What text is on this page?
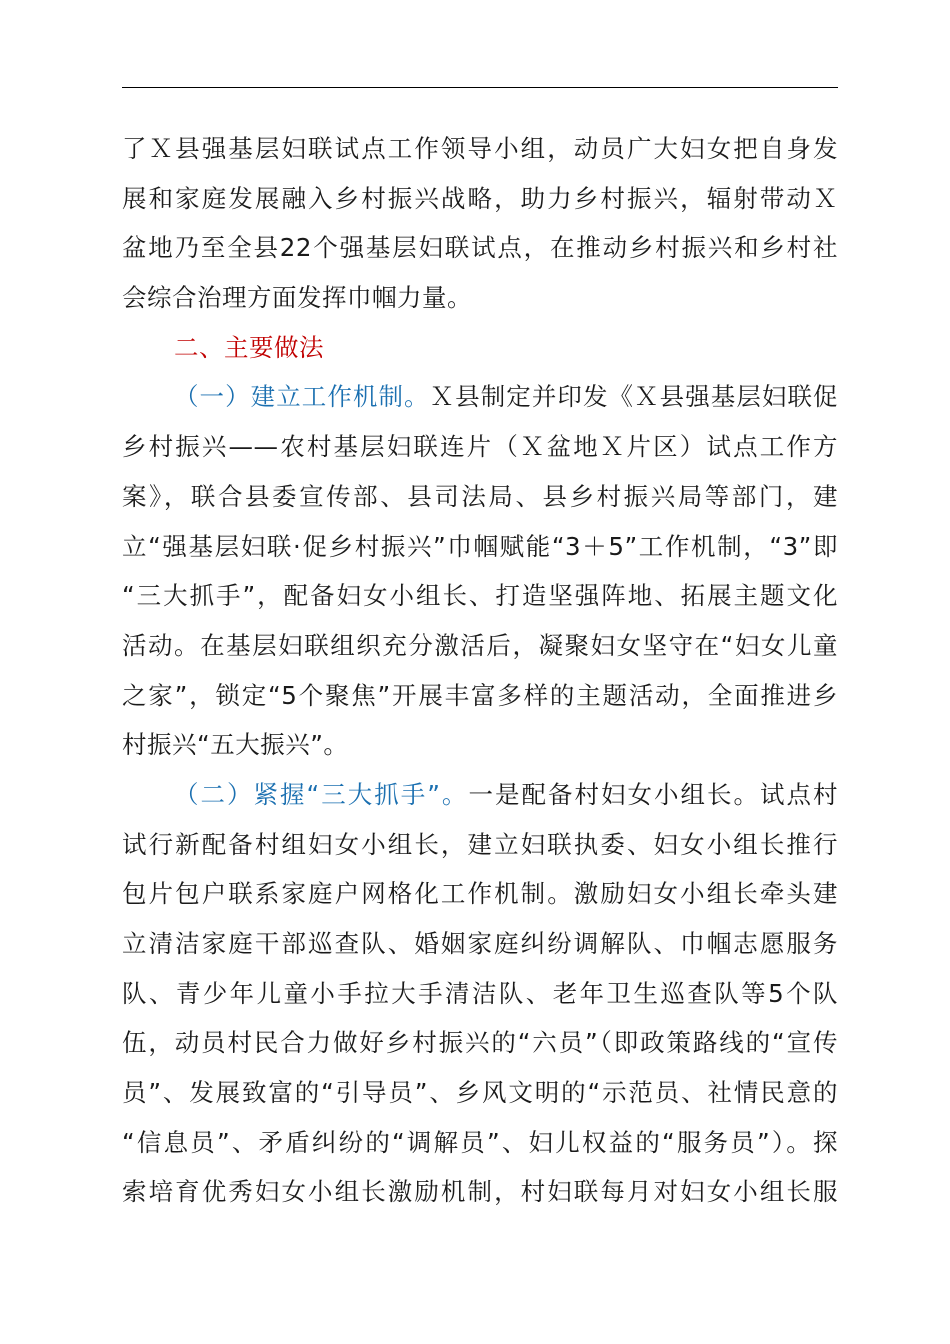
了Ｘ县强基层妇联试点工作领导小组，动员广大妇女把自身发
展和家庭发展融入乡村振兴战略，助力乡村振兴，辐射带动Ｘ
盆地乃至全县22个强基层妇联试点，在推动乡村振兴和乡村社
会综合治理方面发挥巾帼力量。
二、主要做法
（一）建立工作机制。Ｘ县制定并印发《Ｘ县强基层妇联促
乡村振兴——农村基层妇联连片（Ｘ盆地Ｘ片区）试点工作方
案》，联合县委宣传部、县司法局、县乡村振兴局等部门，建
立“强基层妇联·促乡村振兴”巾帼赋能“3＋5”工作机制，“3”即
“三大抓手”，配备妇女小组长、打造坚强阵地、拓展主题文化
活动。在基层妇联组织充分激活后，凝聚妇女坚守在“妇女儿童
之家”，锁定“5个聚焦”开展丰富多样的主题活动，全面推进乡
村振兴“五大振兴”。
（二）紧握“三大抓手”。一是配备村妇女小组长。试点村
试行新配备村组妇女小组长，建立妇联执委、妇女小组长推行
包片包户联系家庭户网格化工作机制。激励妇女小组长牵头建
立清洁家庭干部巡查队、婚姻家庭纠纷调解队、巾帼志愿服务
队、青少年儿童小手拉大手清洁队、老年卫生巡查队等5个队
伍，动员村民合力做好乡村振兴的“六员”（即政策路线的“宣传
员”、发展致富的“引导员”、乡风文明的“示范员、社情民意的
“信息员”、矛盾纠纷的“调解员”、妇儿权益的“服务员”）。探
索培育优秀妇女小组长激励机制，村妇联每月对妇女小组长服
